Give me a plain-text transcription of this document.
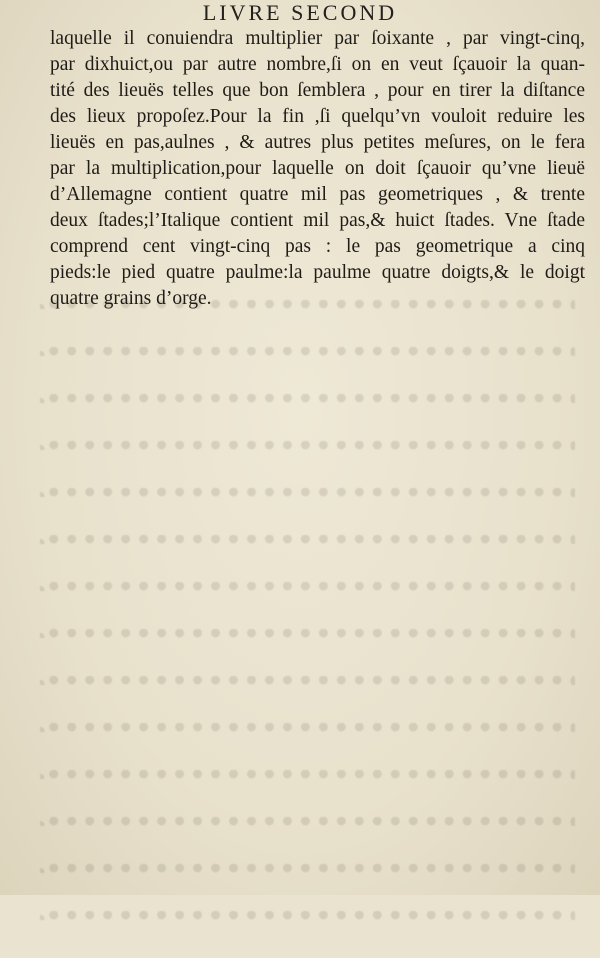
LIVRE SECOND
laquelle il conuiendra multiplier par ſoixante , par vingt-cinq,
par dixhuict,ou par autre nombre,ſi on en veut ſçauoir la quan-
tité des lieuës telles que bon ſemblera , pour en tirer la diſtance
des lieux propoſez.Pour la fin ,ſi quelqu’vn vouloit reduire les
lieuës en pas,aulnes , & autres plus petites meſures, on le fera
par la multiplication,pour laquelle on doit ſçauoir qu’vne lieuë
d’Allemagne contient quatre mil pas geometriques , & trente
deux ſtades;l’Italique contient mil pas,& huict ſtades. Vne ſtade
comprend cent vingt-cinq pas : le pas geometrique a cinq
pieds:le pied quatre paulme:la paulme quatre doigts,& le doigt
quatre grains d’orge.
